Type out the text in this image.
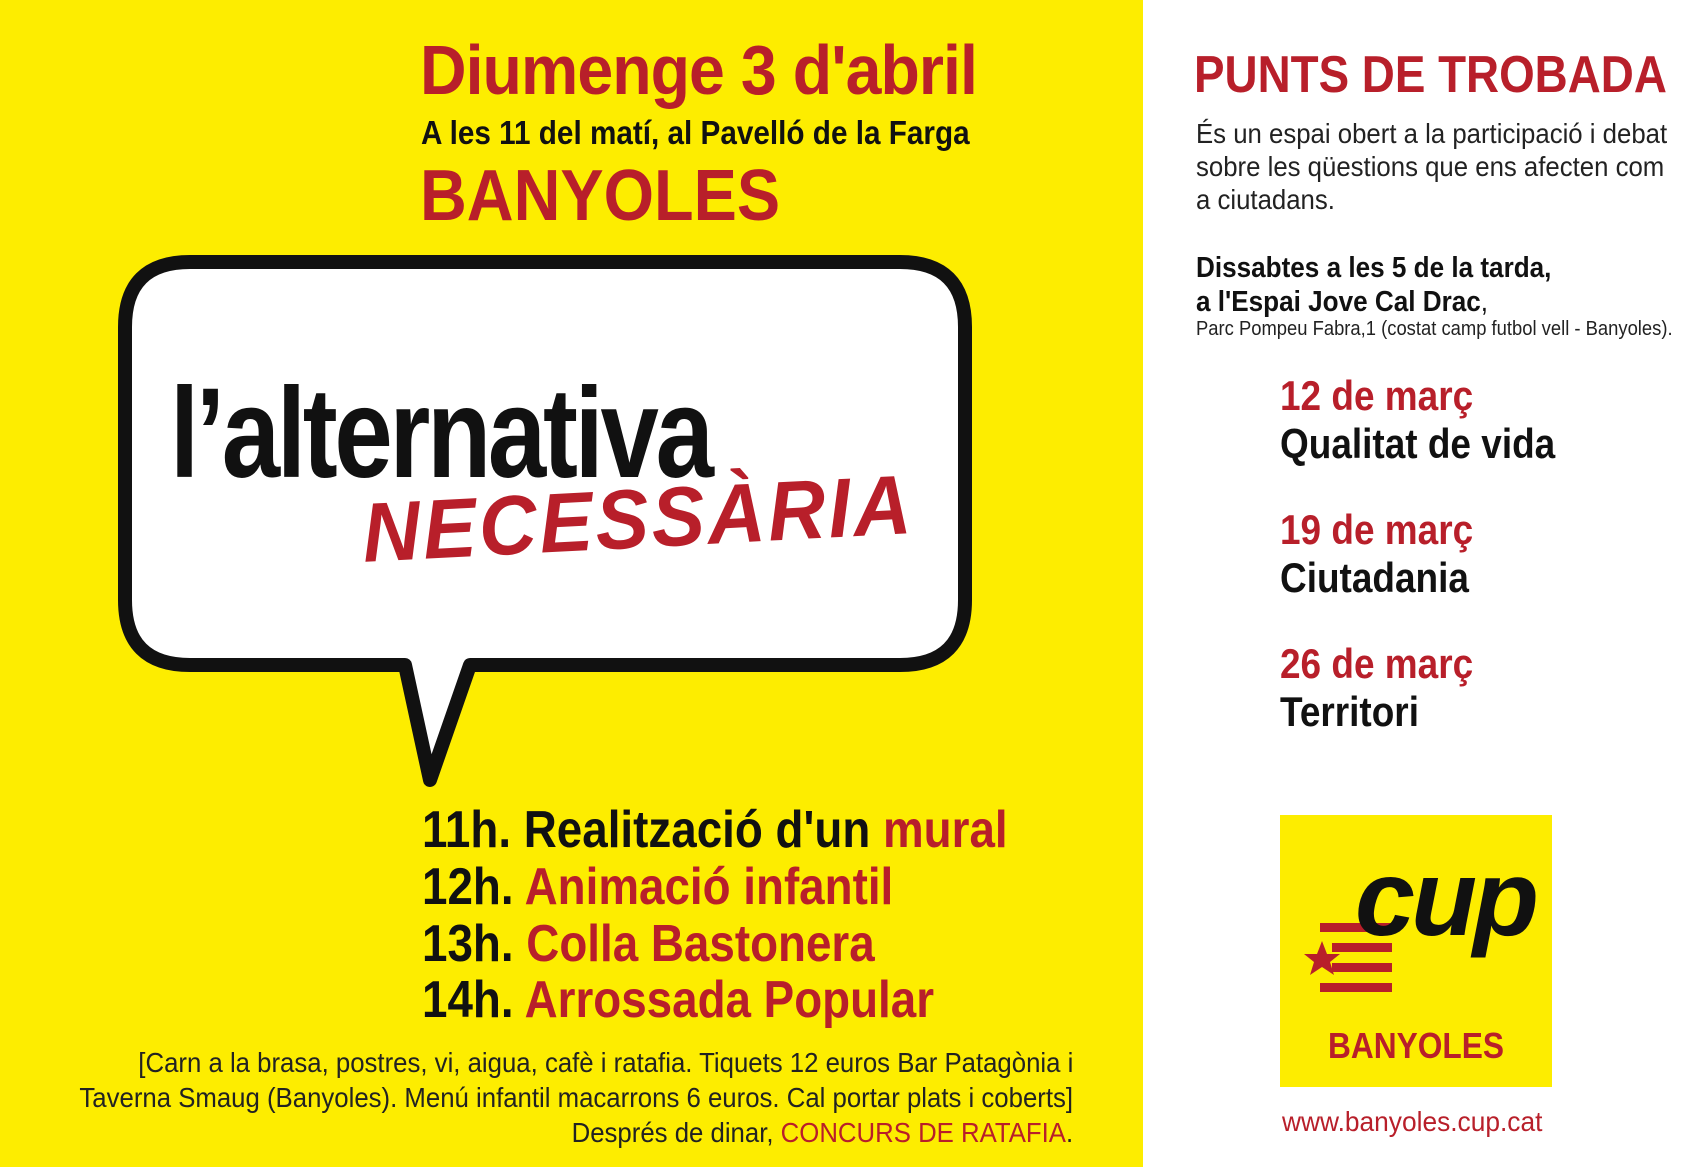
Diumenge 3 d'abril
A les 11 del matí, al Pavelló de la Farga
BANYOLES
l’alternativa
NECESSÀRIA
11h. Realització d'un mural
12h. Animació infantil
13h. Colla Bastonera
14h. Arrossada Popular
[Carn a la brasa, postres, vi, aigua, cafè i ratafia. Tiquets 12 euros Bar Patagònia i
Taverna Smaug (Banyoles). Menú infantil macarrons 6 euros. Cal portar plats i coberts]
Després de dinar, CONCURS DE RATAFIA.
PUNTS DE TROBADA
És un espai obert a la participació i debat
sobre les qüestions que ens afecten com
a ciutadans.
Dissabtes a les 5 de la tarda,
a l'Espai Jove Cal Drac,
Parc Pompeu Fabra,1 (costat camp futbol vell - Banyoles).
12 de març
Qualitat de vida
19 de març
Ciutadania
26 de març
Territori
cup
BANYOLES
www.banyoles.cup.cat
